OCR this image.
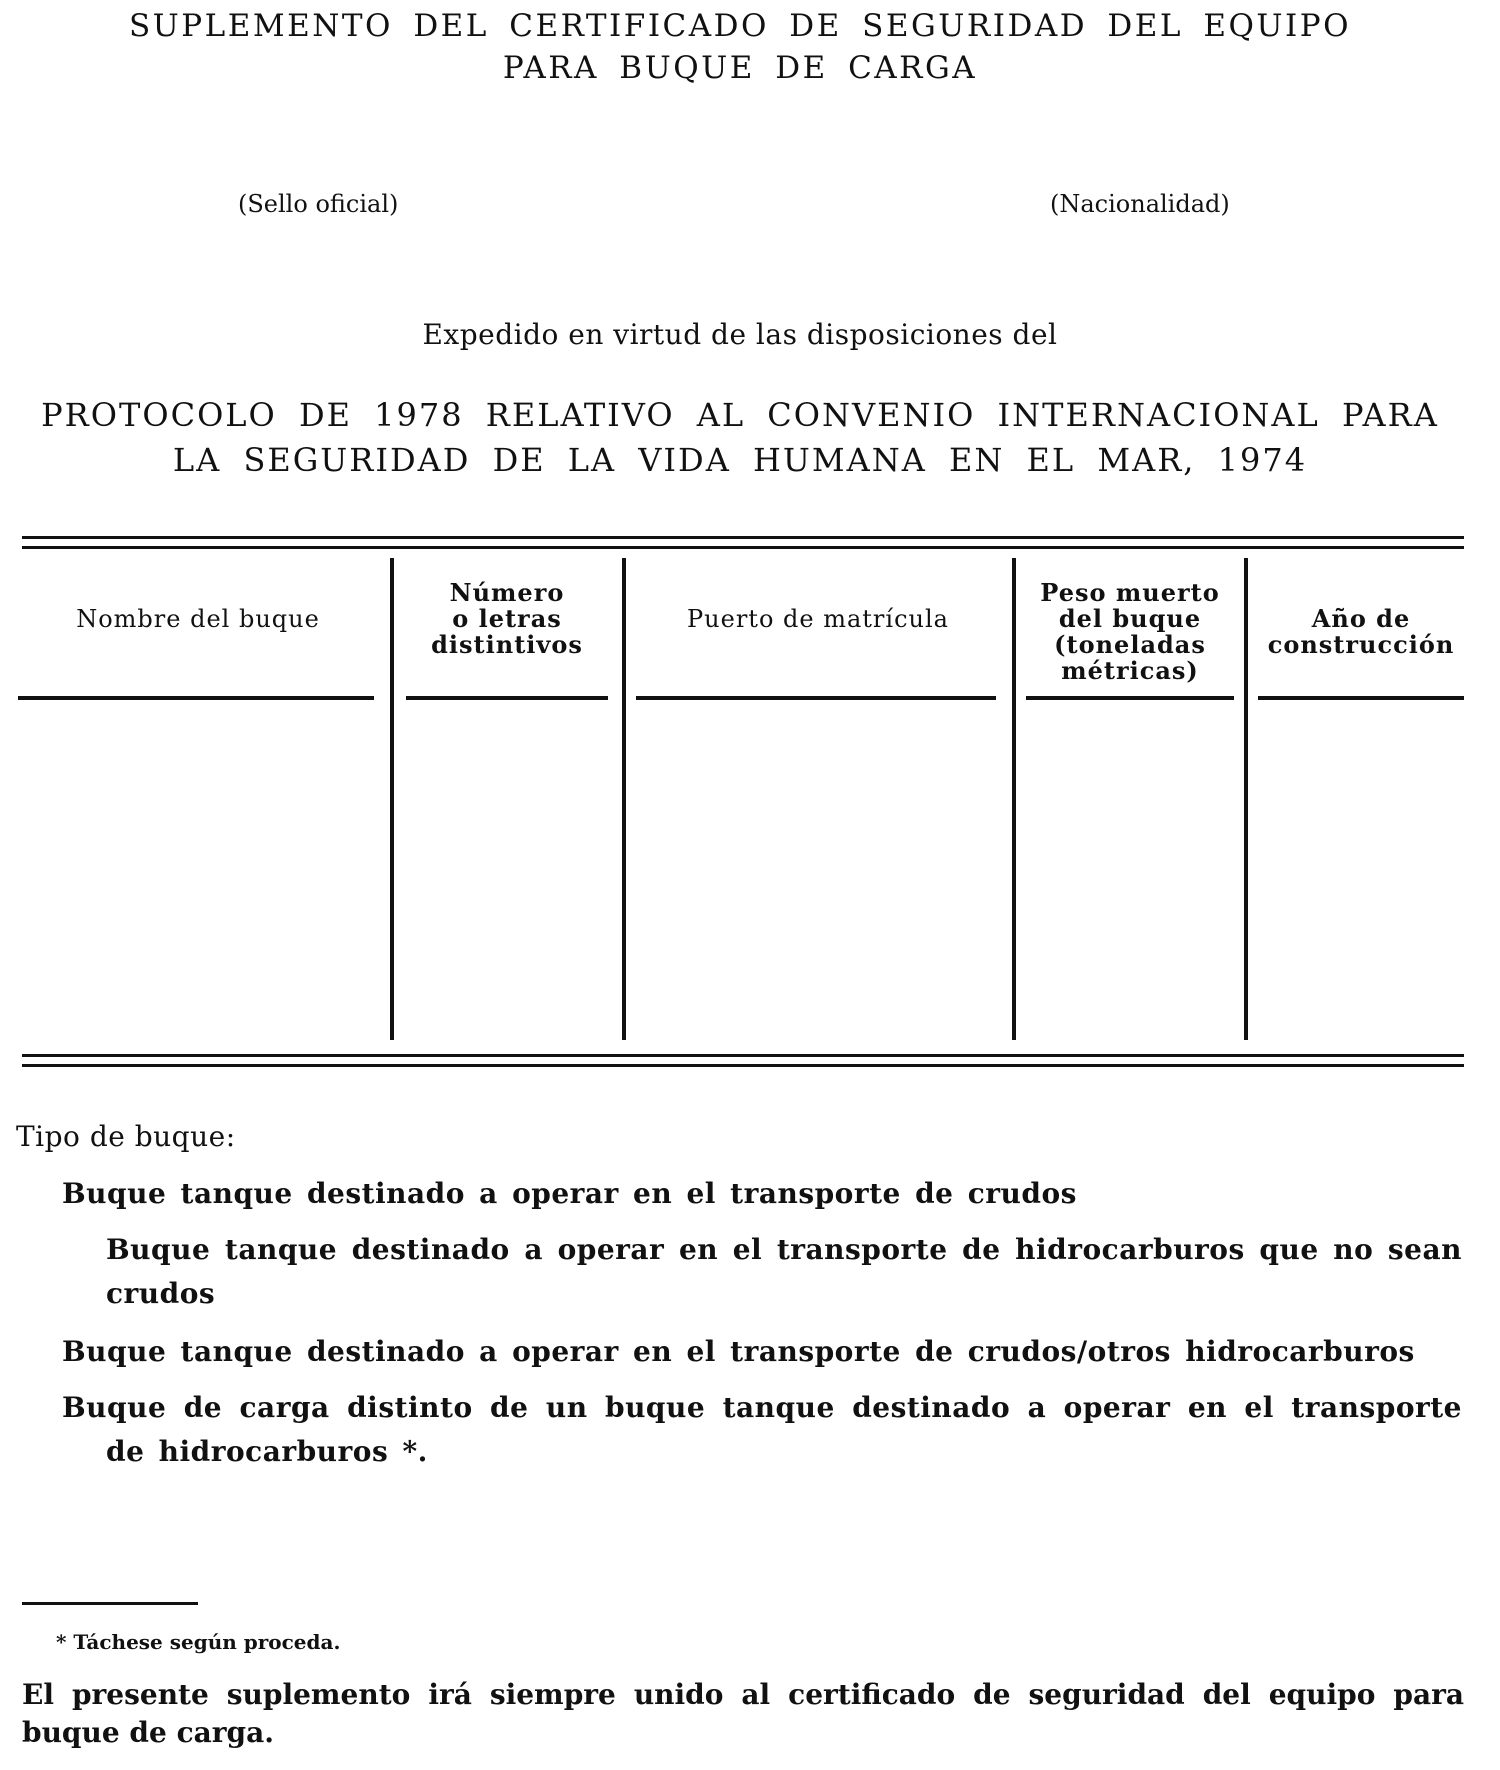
SUPLEMENTO DEL CERTIFICADO DE SEGURIDAD DEL EQUIPO
PARA BUQUE DE CARGA
(Sello oficial)	(Nacionalidad)
Expedido en virtud de las disposiciones del
PROTOCOLO DE 1978 RELATIVO AL CONVENIO INTERNACIONAL PARA
LA SEGURIDAD DE LA VIDA HUMANA EN EL MAR, 1974
Nombre del buque
Número
o letras
distintivos
Puerto de matrícula
Peso muerto
del buque
(toneladas
métricas)
Año de
construcción
Tipo de buque:
Buque tanque destinado a operar en el transporte de crudos
Buque tanque destinado a operar en el transporte de hidrocarburos que no sean crudos
Buque tanque destinado a operar en el transporte de crudos/otros hidrocarburos
Buque de carga distinto de un buque tanque destinado a operar en el transporte de hidrocarburos *.
* Táchese según proceda.
El presente suplemento irá siempre unido al certificado de seguridad del equipo para buque de carga.
